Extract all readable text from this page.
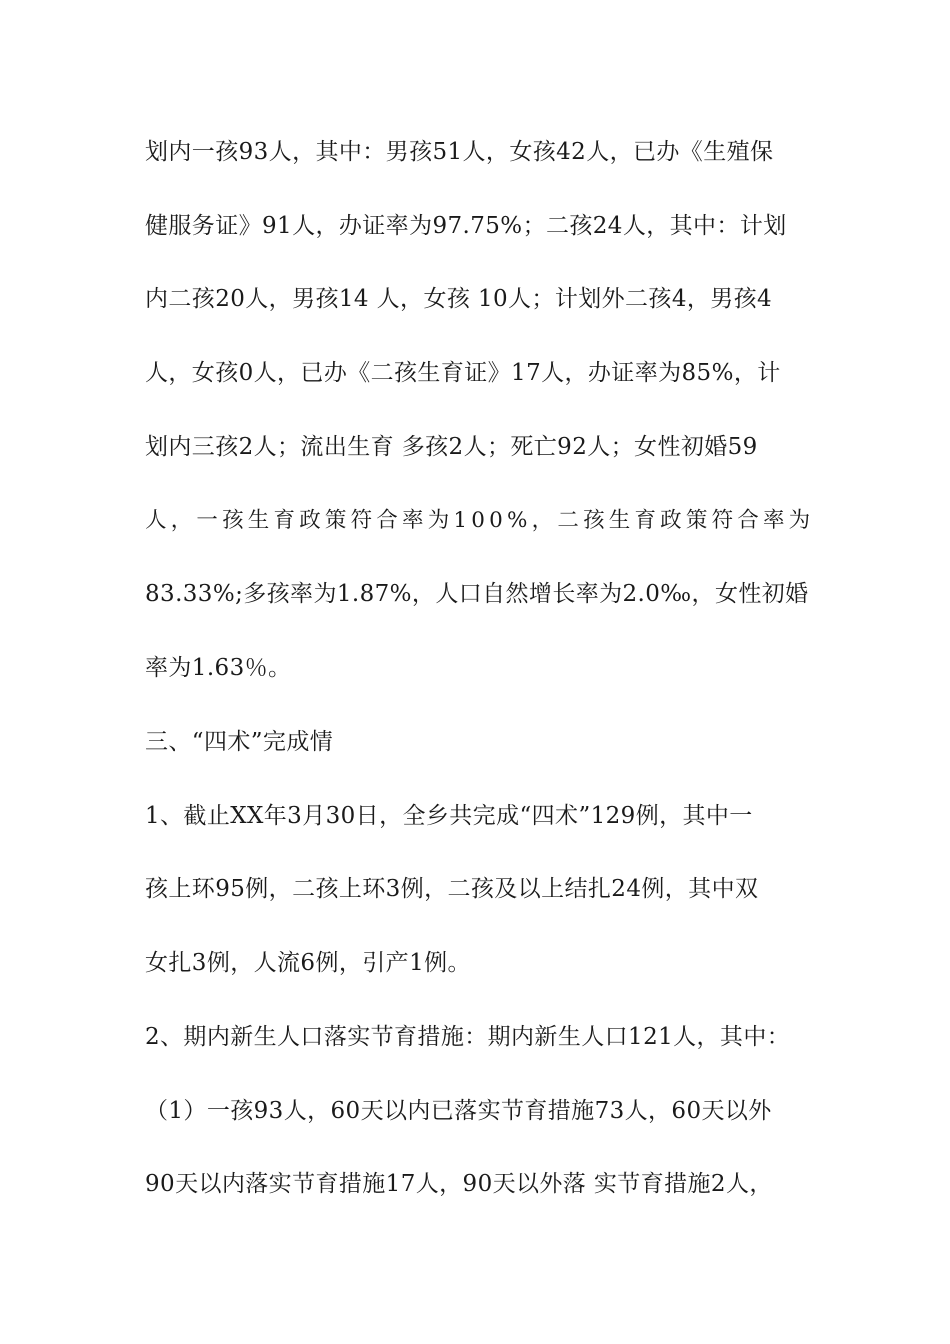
划内一孩93人，其中：男孩51人，女孩42人，已办《生殖保
健服务证》91人，办证率为97.75%；二孩24人，其中：计划
内二孩20人，男孩14 人，女孩 10人；计划外二孩4，男孩4
人，女孩0人，已办《二孩生育证》17人，办证率为85%，计
划内三孩2人；流出生育 多孩2人；死亡92人；女性初婚59
人，一孩生育政策符合率为100%，二孩生育政策符合率为
83.33%;多孩率为1.87%，人口自然增长率为2.0‰，女性初婚
率为1.63％。
三、“四术”完成情
1、截止XX年3月30日，全乡共完成“四术”129例，其中一
孩上环95例，二孩上环3例，二孩及以上结扎24例，其中双
女扎3例，人流6例，引产1例。
2、期内新生人口落实节育措施：期内新生人口121人，其中：
（1）一孩93人，60天以内已落实节育措施73人，60天以外
90天以内落实节育措施17人，90天以外落 实节育措施2人，
